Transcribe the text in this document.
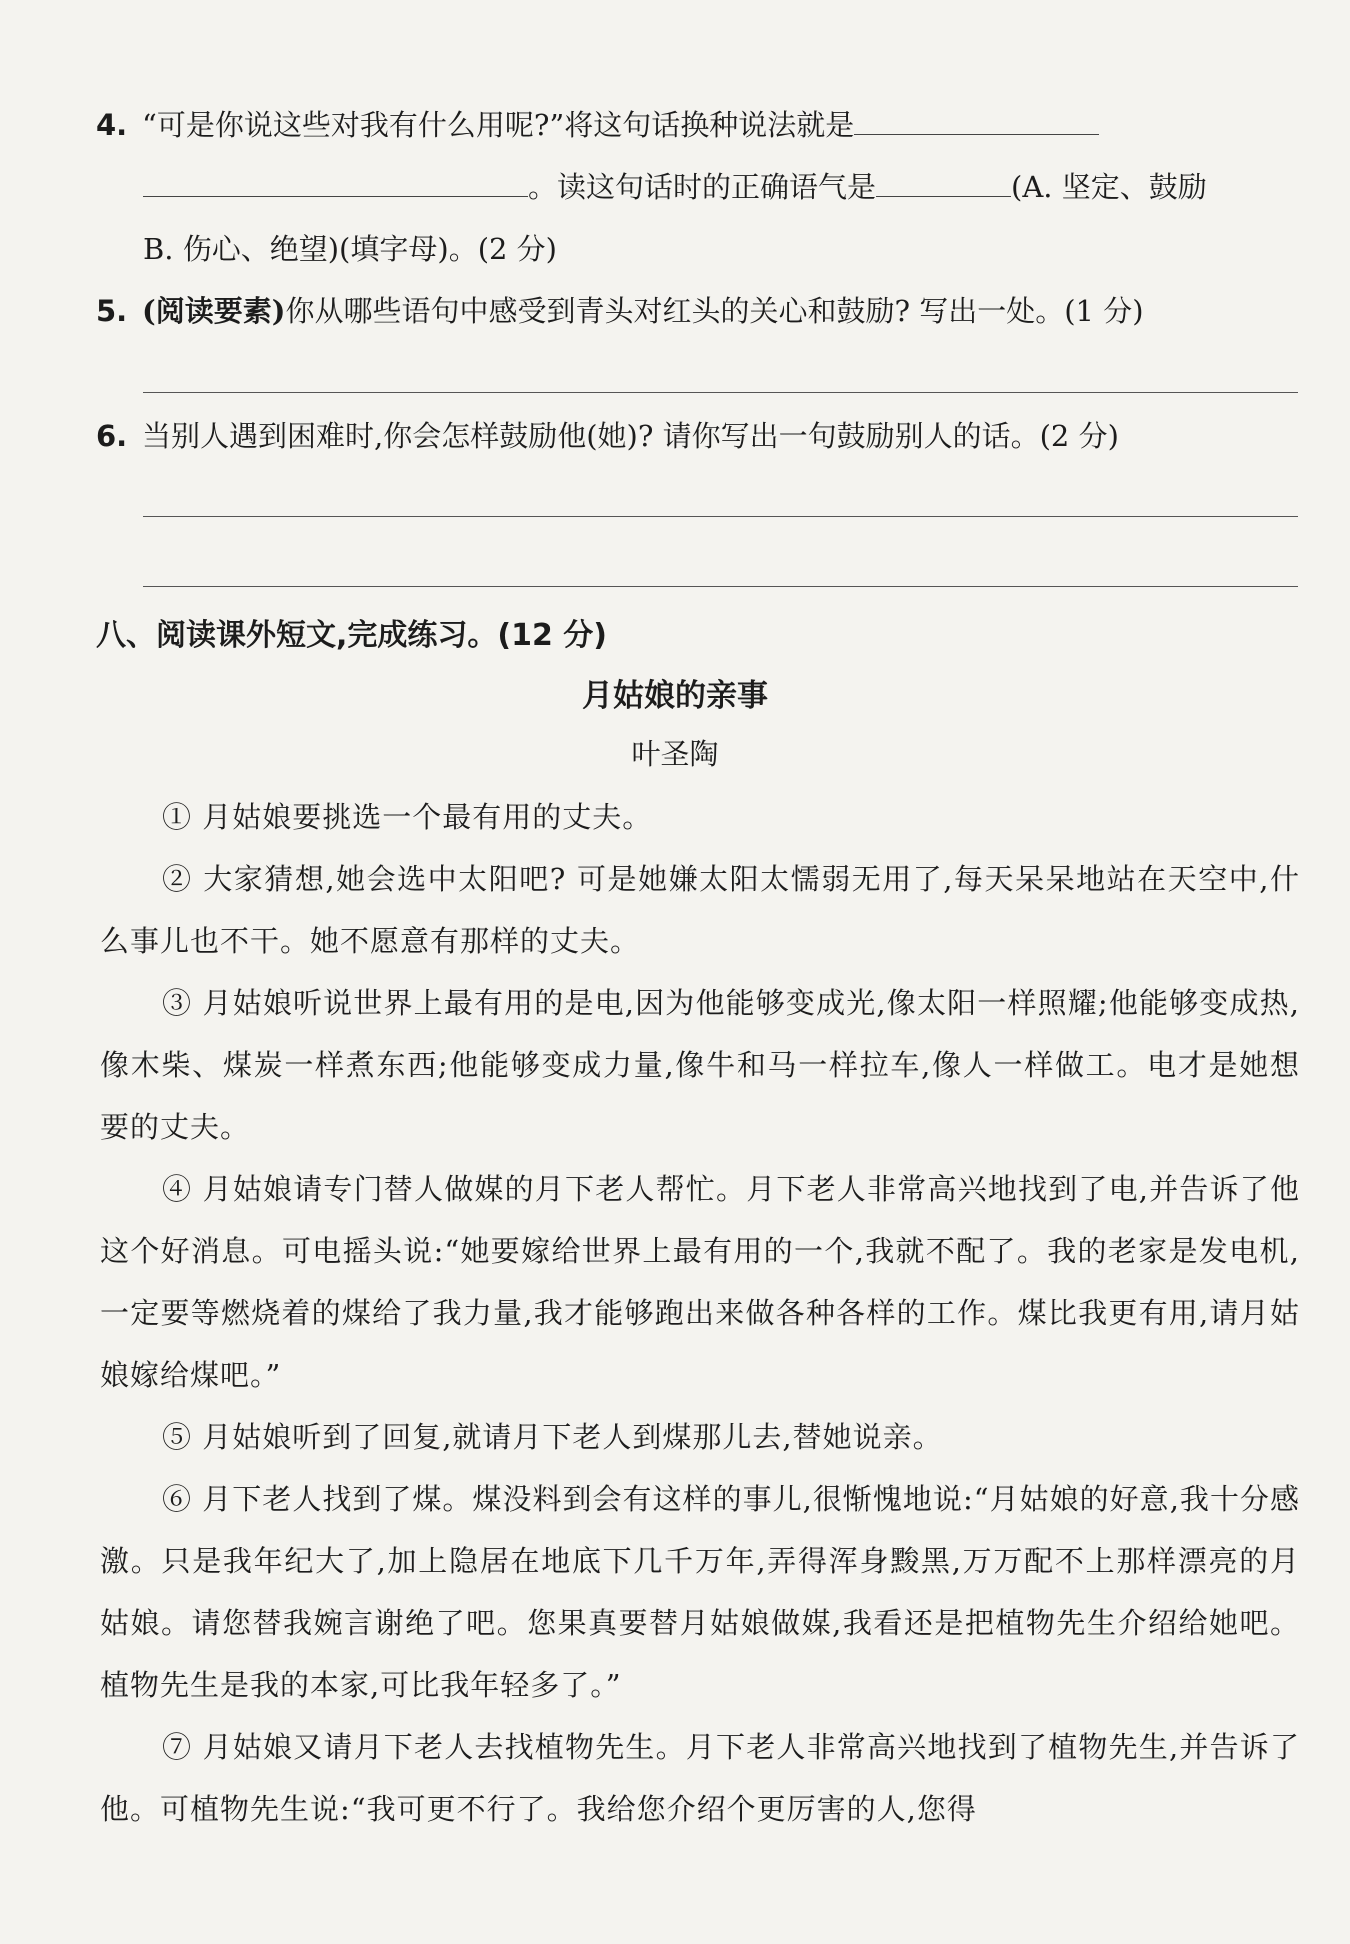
4. “可是你说这些对我有什么用呢?”将这句话换种说法就是
。读这句话时的正确语气是	(A. 坚定、鼓励
B. 伤心、绝望)(填字母)。(2 分)
5. (阅读要素)你从哪些语句中感受到青头对红头的关心和鼓励? 写出一处。(1 分)
6. 当别人遇到困难时,你会怎样鼓励他(她)? 请你写出一句鼓励别人的话。(2 分)
八、阅读课外短文,完成练习。(12 分)
月姑娘的亲事
叶圣陶
① 月姑娘要挑选一个最有用的丈夫。
② 大家猜想,她会选中太阳吧? 可是她嫌太阳太懦弱无用了,每天呆呆地站在天空中,什么事儿也不干。她不愿意有那样的丈夫。
③ 月姑娘听说世界上最有用的是电,因为他能够变成光,像太阳一样照耀;他能够变成热,像木柴、煤炭一样煮东西;他能够变成力量,像牛和马一样拉车,像人一样做工。电才是她想要的丈夫。
④ 月姑娘请专门替人做媒的月下老人帮忙。月下老人非常高兴地找到了电,并告诉了他这个好消息。可电摇头说:“她要嫁给世界上最有用的一个,我就不配了。我的老家是发电机,一定要等燃烧着的煤给了我力量,我才能够跑出来做各种各样的工作。煤比我更有用,请月姑娘嫁给煤吧。”
⑤ 月姑娘听到了回复,就请月下老人到煤那儿去,替她说亲。
⑥ 月下老人找到了煤。煤没料到会有这样的事儿,很惭愧地说:“月姑娘的好意,我十分感激。只是我年纪大了,加上隐居在地底下几千万年,弄得浑身黢黑,万万配不上那样漂亮的月姑娘。请您替我婉言谢绝了吧。您果真要替月姑娘做媒,我看还是把植物先生介绍给她吧。植物先生是我的本家,可比我年轻多了。”
⑦ 月姑娘又请月下老人去找植物先生。月下老人非常高兴地找到了植物先生,并告诉了他。可植物先生说:“我可更不行了。我给您介绍个更厉害的人,您得
